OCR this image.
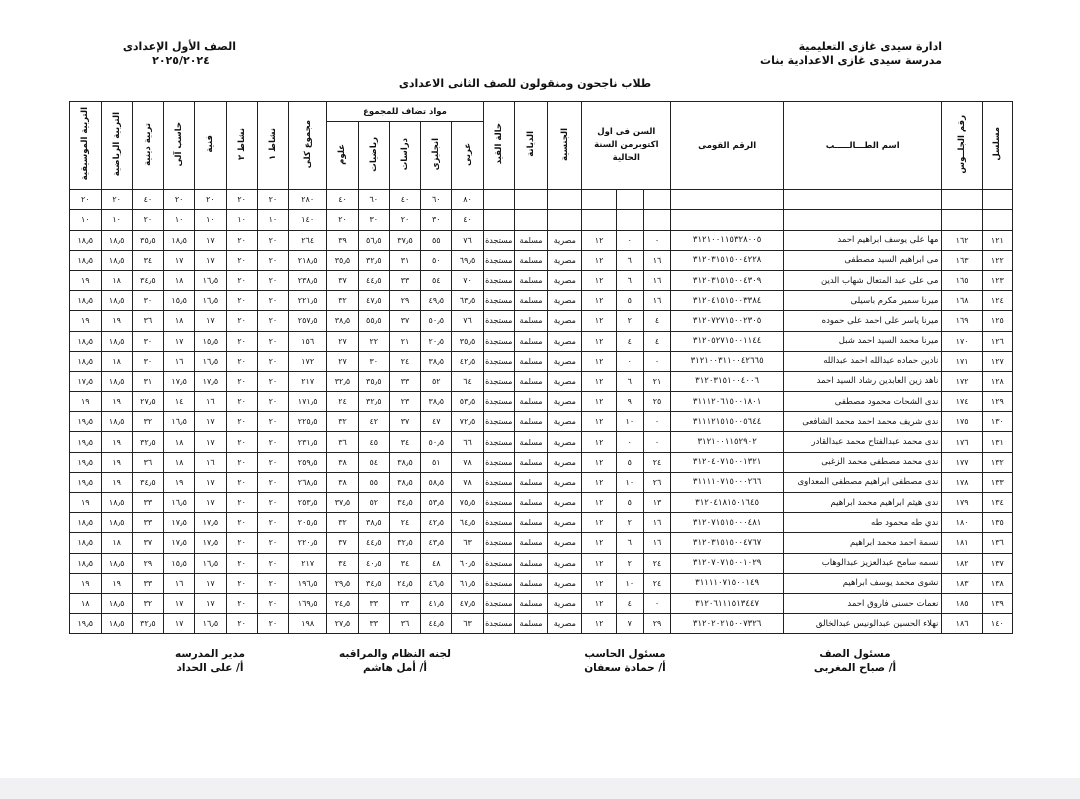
ادارة سيدى غازى التعليمية
مدرسة سيدى غازى الاعدادية بنات
الصف الأول الإعدادى
٢٠٢٥/٢٠٢٤
طلاب ناجحون ومنقولون للصف الثانى الاعدادى
مسلسل	رقم الجلــوس	اسم الطـــالـــــب	الرقم القومى	السن فى اول اكتوبرمن السنة الحالية			الجنسية	الديانة	حالة القيد	مواد تضاف للمجموع					مجموع كلى	نشاط ١	نشاط ٢	فنية	حاسب آلى	تربية دينية	التربية الرياضية	التربية الموسيقية
										عربى	انجليزى	دراسات	رياضيات	علوم								
										٨٠	٦٠	٤٠	٦٠	٤٠	٢٨٠	٢٠	٢٠	٢٠	٢٠	٤٠	٢٠	٢٠
										٤٠	٣٠	٢٠	٣٠	٢٠	١٤٠	١٠	١٠	١٠	١٠	٢٠	١٠	١٠
١٢١	١٦٢	مها على يوسف ابراهيم احمد	٣١٢١٠٠١١٥٣٢٨٠٠٥	٠	٠	١٢	مصرية	مسلمة	مستجدة	٧٦	٥٥	٣٧٫٥	٥٦٫٥	٣٩	٢٦٤	٢٠	٢٠	١٧	١٨٫٥	٣٥٫٥	١٨٫٥	١٨٫٥
١٢٢	١٦٣	مى ابراهيم السيد مصطفى	٣١٢٠٣١٥١٥٠٠٤٢٢٨	١٦	٦	١٢	مصرية	مسلمة	مستجدة	٦٩٫٥	٥٠	٣١	٣٢٫٥	٣٥٫٥	٢١٨٫٥	٢٠	٢٠	١٧	١٧	٣٤	١٨٫٥	١٨٫٥
١٢٣	١٦٥	مى على عبد المتعال شهاب الدين	٣١٢٠٣١٥١٥٠٠٤٣٠٩	١٦	٦	١٢	مصرية	مسلمة	مستجدة	٧٠	٥٤	٣٣	٤٤٫٥	٣٧	٢٣٨٫٥	٢٠	٢٠	١٦٫٥	١٨	٣٤٫٥	١٨	١٩
١٢٤	١٦٨	ميرنا سمير مكرم باسيلى	٣١٢٠٤١٥١٥٠٠٣٣٨٤	١٦	٥	١٢	مصرية	مسلمة	مستجدة	٦٣٫٥	٤٩٫٥	٢٩	٤٧٫٥	٣٢	٢٢١٫٥	٢٠	٢٠	١٦٫٥	١٥٫٥	٣٠	١٨٫٥	١٨٫٥
١٢٥	١٦٩	ميرنا ياسر على احمد على حموده	٣١٢٠٧٢٧١٥٠٠٢٣٠٥	٤	٢	١٢	مصرية	مسلمة	مستجدة	٧٦	٥٠٫٥	٣٧	٥٥٫٥	٣٨٫٥	٢٥٧٫٥	٢٠	٢٠	١٧	١٨	٣٦	١٩	١٩
١٢٦	١٧٠	ميرنا محمد السيد احمد شبل	٣١٢٠٥٢٧١٥٠٠١١٤٤	٤	٤	١٢	مصرية	مسلمة	مستجدة	٣٥٫٥	٢٠٫٥	٢١	٢٢	٢٧	١٥٦	٢٠	٢٠	١٥٫٥	١٧	٣٠	١٨٫٥	١٨٫٥
١٢٧	١٧١	نادين حماده عبدالله احمد عبدالله	٣١٢١٠٠٣١١٠٠٤٢٦٦٥	٠	٠	١٢	مصرية	مسلمة	مستجدة	٤٢٫٥	٣٨٫٥	٢٤	٣٠	٢٧	١٧٢	٢٠	٢٠	١٦٫٥	١٦	٣٠	١٨	١٨٫٥
١٢٨	١٧٢	ناهد زين العابدين رشاد السيد احمد	٣١٢٠٣١٥١٠٠٤٠٠٦	٢١	٦	١٢	مصرية	مسلمة	مستجدة	٦٤	٥٢	٣٣	٣٥٫٥	٣٢٫٥	٢١٧	٢٠	٢٠	١٧٫٥	١٧٫٥	٣١	١٨٫٥	١٧٫٥
١٢٩	١٧٤	ندى الشحات محمود مصطفى	٣١١١٢٠٦١٥٠٠١٨٠١	٢٥	٩	١٢	مصرية	مسلمة	مستجدة	٥٣٫٥	٣٨٫٥	٢٣	٣٢٫٥	٢٤	١٧١٫٥	٢٠	٢٠	١٦	١٤	٢٧٫٥	١٩	١٩
١٣٠	١٧٥	ندى شريف محمد احمد محمد الشافعى	٣١١١٢١٥١٥٠٠٥٦٤٤	٠	١٠	١٢	مصرية	مسلمة	مستجدة	٧٢٫٥	٤٧	٣٧	٤٢	٣٢	٢٢٥٫٥	٢٠	٢٠	١٧	١٦٫٥	٣٢	١٨٫٥	١٩٫٥
١٣١	١٧٦	ندى محمد عبدالفتاح محمد عبدالقادر	٣١٢١٠٠١١٥٢٩٠٢	٠	٠	١٢	مصرية	مسلمة	مستجدة	٦٦	٥٠٫٥	٣٤	٤٥	٣٦	٢٣١٫٥	٢٠	٢٠	١٧	١٨	٣٢٫٥	١٩	١٩٫٥
١٣٢	١٧٧	ندى محمد مصطفى محمد الزغبى	٣١٢٠٤٠٧١٥٠٠١٣٢١	٢٤	٥	١٢	مصرية	مسلمة	مستجدة	٧٨	٥١	٣٨٫٥	٥٤	٣٨	٢٥٩٫٥	٢٠	٢٠	١٦	١٨	٣٦	١٩	١٩٫٥
١٣٣	١٧٨	ندى مصطفى ابراهيم مصطفى المعداوى	٣١١١١٠٧١٥٠٠٠٢٦٦	٢٦	١٠	١٢	مصرية	مسلمة	مستجدة	٧٨	٥٨٫٥	٣٨٫٥	٥٥	٣٨	٢٦٨٫٥	٢٠	٢٠	١٧	١٩	٣٤٫٥	١٩	١٩٫٥
١٣٤	١٧٩	ندى هيثم ابراهيم محمد ابراهيم	٣١٢٠٤١٨١٥٠١٦٤٥	١٣	٥	١٢	مصرية	مسلمة	مستجدة	٧٥٫٥	٥٣٫٥	٣٤٫٥	٥٢	٣٧٫٥	٢٥٣٫٥	٢٠	٢٠	١٧	١٦٫٥	٣٣	١٨٫٥	١٩
١٣٥	١٨٠	ندي طه محمود طه	٣١٢٠٧١٥١٥٠٠٠٤٨١	١٦	٢	١٢	مصرية	مسلمة	مستجدة	٦٤٫٥	٤٢٫٥	٢٤	٣٨٫٥	٣٢	٢٠٥٫٥	٢٠	٢٠	١٧٫٥	١٧٫٥	٣٣	١٨٫٥	١٨٫٥
١٣٦	١٨١	نسمة احمد محمد ابراهيم	٣١٢٠٣١٥١٥٠٠٤٧٦٧	١٦	٦	١٢	مصرية	مسلمة	مستجدة	٦٣	٤٣٫٥	٣٢٫٥	٤٤٫٥	٣٧	٢٢٠٫٥	٢٠	٢٠	١٧٫٥	١٧٫٥	٣٧	١٨	١٨٫٥
١٣٧	١٨٢	نسمه سامح عبدالعزيز عبدالوهاب	٣١٢٠٧٠٧١٥٠٠١٠٢٩	٢٤	٢	١٢	مصرية	مسلمة	مستجدة	٦٠٫٥	٤٨	٣٤	٤٠٫٥	٣٤	٢١٧	٢٠	٢٠	١٦٫٥	١٥٫٥	٢٩	١٨٫٥	١٨٫٥
١٣٨	١٨٣	نشوى محمد يوسف ابراهيم	٣١١١١٠٧١٥٠٠١٤٩	٢٤	١٠	١٢	مصرية	مسلمة	مستجدة	٦١٫٥	٤٦٫٥	٢٤٫٥	٣٤٫٥	٢٩٫٥	١٩٦٫٥	٢٠	٢٠	١٧	١٦	٣٣	١٩	١٩
١٣٩	١٨٥	نعمات حسنى فاروق احمد	٣١٢٠٦١١١٥١٣٤٤٧	٠	٤	١٢	مصرية	مسلمة	مستجدة	٤٧٫٥	٤١٫٥	٢٣	٣٣	٢٤٫٥	١٦٩٫٥	٢٠	٢٠	١٧	١٧	٣٢	١٨٫٥	١٨
١٤٠	١٨٦	نهلاء الحسين عبدالونيس عبدالخالق	٣١٢٠٢٠٢١٥٠٠٧٣٢٦	٢٩	٧	١٢	مصرية	مسلمة	مستجدة	٦٣	٤٤٫٥	٣٦	٣٣	٢٧٫٥	١٩٨	٢٠	٢٠	١٦٫٥	١٧	٣٢٫٥	١٨٫٥	١٩٫٥
مسئول الصف
أ/ صباح المغربى
مسئول الحاسب
أ/ حمادة سعفان
لجنه النظام والمراقبه
أ/ أمل هاشم
مدير المدرسه
أ/ على الحداد
